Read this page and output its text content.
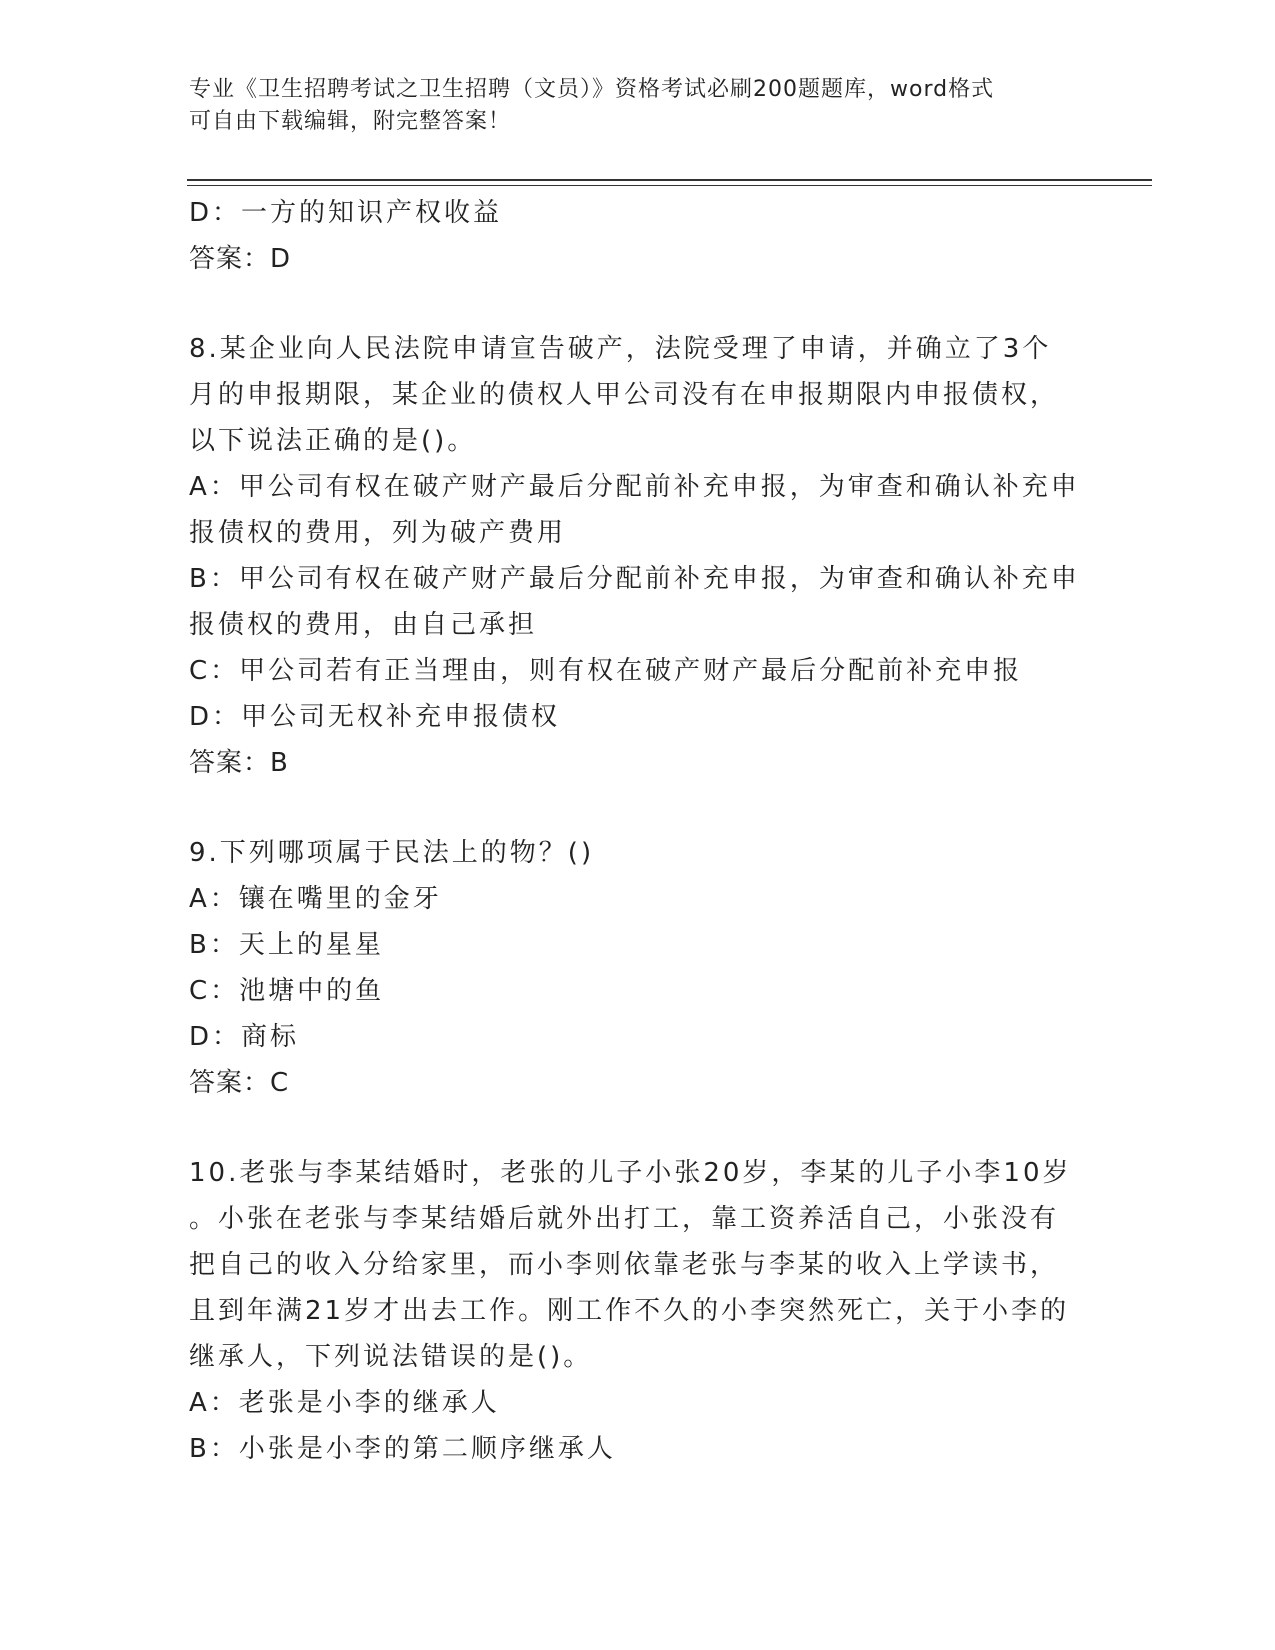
专业《卫生招聘考试之卫生招聘（文员）》资格考试必刷200题题库，word格式
可自由下载编辑，附完整答案！
D：一方的知识产权收益
答案：D
8.某企业向人民法院申请宣告破产，法院受理了申请，并确立了3个
月的申报期限，某企业的债权人甲公司没有在申报期限内申报债权，
以下说法正确的是()。
A：甲公司有权在破产财产最后分配前补充申报，为审查和确认补充申
报债权的费用，列为破产费用
B：甲公司有权在破产财产最后分配前补充申报，为审查和确认补充申
报债权的费用，由自己承担
C：甲公司若有正当理由，则有权在破产财产最后分配前补充申报
D：甲公司无权补充申报债权
答案：B
9.下列哪项属于民法上的物？()
A：镶在嘴里的金牙
B：天上的星星
C：池塘中的鱼
D：商标
答案：C
10.老张与李某结婚时，老张的儿子小张20岁，李某的儿子小李10岁
。小张在老张与李某结婚后就外出打工，靠工资养活自己，小张没有
把自己的收入分给家里，而小李则依靠老张与李某的收入上学读书，
且到年满21岁才出去工作。刚工作不久的小李突然死亡，关于小李的
继承人，下列说法错误的是()。
A：老张是小李的继承人
B：小张是小李的第二顺序继承人
